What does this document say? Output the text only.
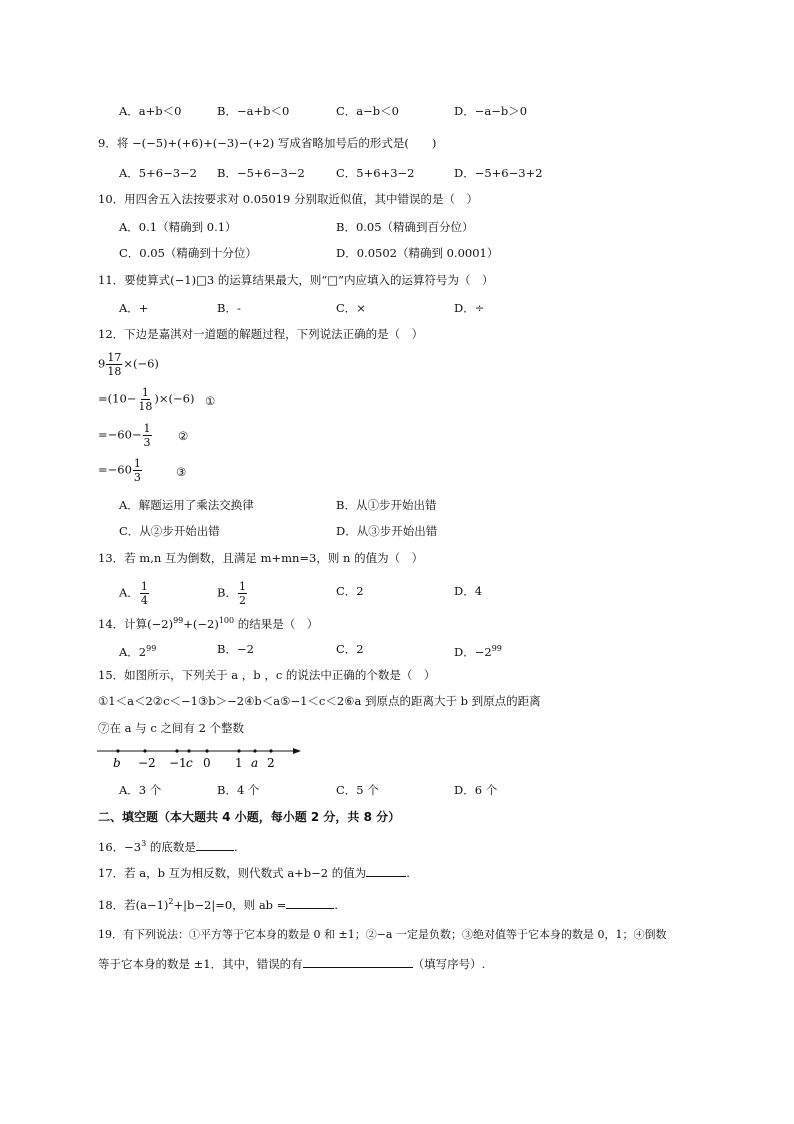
A．a+b＜0	B．−a+b＜0	C．a−b＜0	D．−a−b＞0
9．将 −(−5)+(+6)+(−3)−(+2) 写成省略加号后的形式是(　　)
A．5+6−3−2 B．−5+6−3−2	C．5+6+3−2	D．−5+6−3+2
10．用四舍五入法按要求对 0.05019 分别取近似值，其中错误的是（　）
A．0.1（精确到 0.1）	B．0.05（精确到百分位）
C．0.05（精确到十分位）	D．0.0502（精确到 0.0001）
11．要使算式(−1)□3 的运算结果最大，则“□”内应填入的运算符号为（　）
A．+	B．-	C．×	D．÷
12．下边是嘉淇对一道题的解题过程，下列说法正确的是（　）
$9 \frac{17}{18} \times(-6)$
$=(10- \frac{1}{18} )\times(-6)$ ①
$=-60- \frac{1}{3}$ ②
$=-60 \frac{1}{3}$	③
A．解题运用了乘法交换律	B．从①步开始出错
C．从②步开始出错	D．从③步开始出错
13．若 m,n 互为倒数，且满足 m+mn=3，则 n 的值为（　）
A． $\frac{1}{4}$	B． $\frac{1}{2}$	C．2	D．4
14．计算$(-2)^{99}+(-2)^{100}$ 的结果是（　）
A．$2^{99}$	B．−2	C．2	D．$-2^{99}$
15．如图所示，下列关于 a ，b ，c 的说法中正确的个数是（　）
①1＜a＜2②c＜−1③b＞−2④b＜a⑤−1＜c＜2⑥a 到原点的距离大于 b 到原点的距离
⑦在 a 与 c 之间有 2 个整数
b −2 −1 c 0 1 a 2
A．3 个	B．4 个	C．5 个	D．6 个
二、填空题（本大题共 4 小题，每小题 2 分，共 8 分）
16．$-3^3$ 的底数是	.
17．若 a，b 互为相反数，则代数式 a+b−2 的值为	.
18．若$(a-1)^2+|b-2|=0$，则 ab =	.
19．有下列说法：①平方等于它本身的数是 0 和 ±1；②−a 一定是负数；③绝对值等于它本身的数是 0，1；④倒数
等于它本身的数是 ±1．其中，错误的有	（填写序号）.
